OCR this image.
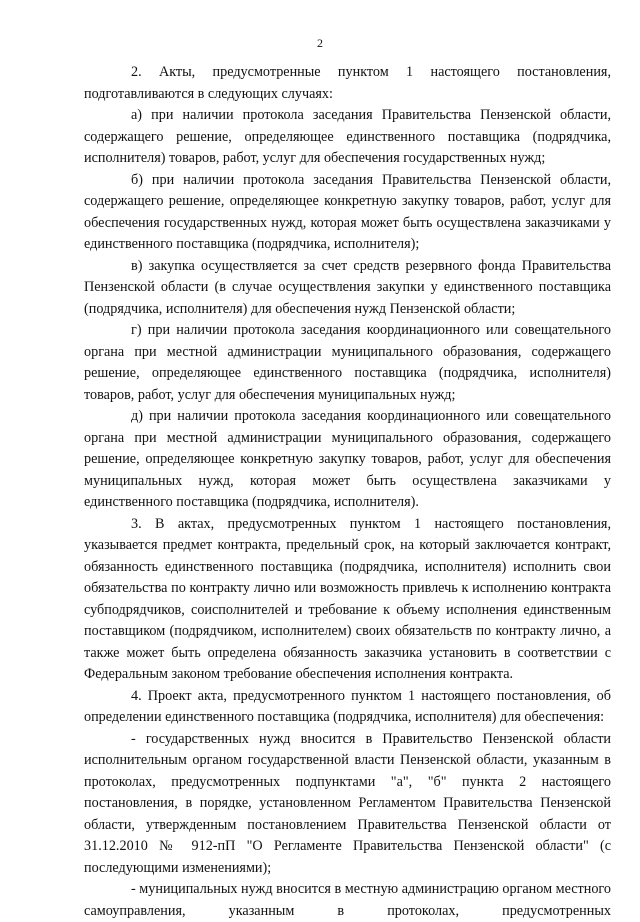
2

2. Акты, предусмотренные пунктом 1 настоящего постановления, подготавливаются в следующих случаях:

а) при наличии протокола заседания Правительства Пензенской области, содержащего решение, определяющее единственного поставщика (подрядчика, исполнителя) товаров, работ, услуг для обеспечения государственных нужд;

б) при наличии протокола заседания Правительства Пензенской области, содержащего решение, определяющее конкретную закупку товаров, работ, услуг для обеспечения государственных нужд, которая может быть осуществлена заказчиками у единственного поставщика (подрядчика, исполнителя);

в) закупка осуществляется за счет средств резервного фонда Правительства Пензенской области (в случае осуществления закупки у единственного поставщика (подрядчика, исполнителя) для обеспечения нужд Пензенской области;

г) при наличии протокола заседания координационного или совещательного органа при местной администрации муниципального образования, содержащего решение, определяющее единственного поставщика (подрядчика, исполнителя) товаров, работ, услуг для обеспечения муниципальных нужд;

д) при наличии протокола заседания координационного или совещательного органа при местной администрации муниципального образования, содержащего решение, определяющее конкретную закупку товаров, работ, услуг для обеспечения муниципальных нужд, которая может быть осуществлена заказчиками у единственного поставщика (подрядчика, исполнителя).

3. В актах, предусмотренных пунктом 1 настоящего постановления, указывается предмет контракта, предельный срок, на который заключается контракт, обязанность единственного поставщика (подрядчика, исполнителя) исполнить свои обязательства по контракту лично или возможность привлечь к исполнению контракта субподрядчиков, соисполнителей и требование к объему исполнения единственным поставщиком (подрядчиком, исполнителем) своих обязательств по контракту лично, а также может быть определена обязанность заказчика установить в соответствии с Федеральным законом требование обеспечения исполнения контракта.

4. Проект акта, предусмотренного пунктом 1 настоящего постановления, об определении единственного поставщика (подрядчика, исполнителя) для обеспечения:

- государственных нужд вносится в Правительство Пензенской области исполнительным органом государственной власти Пензенской области, указанным в протоколах, предусмотренных подпунктами "а", "б" пункта 2 настоящего постановления, в порядке, установленном Регламентом Правительства Пензенской области, утвержденным постановлением Правительства Пензенской области от 31.12.2010 № 912-пП "О Регламенте Правительства Пензенской области" (с последующими изменениями);

- муниципальных нужд вносится в местную администрацию органом местного самоуправления, указанным в протоколах, предусмотренных
